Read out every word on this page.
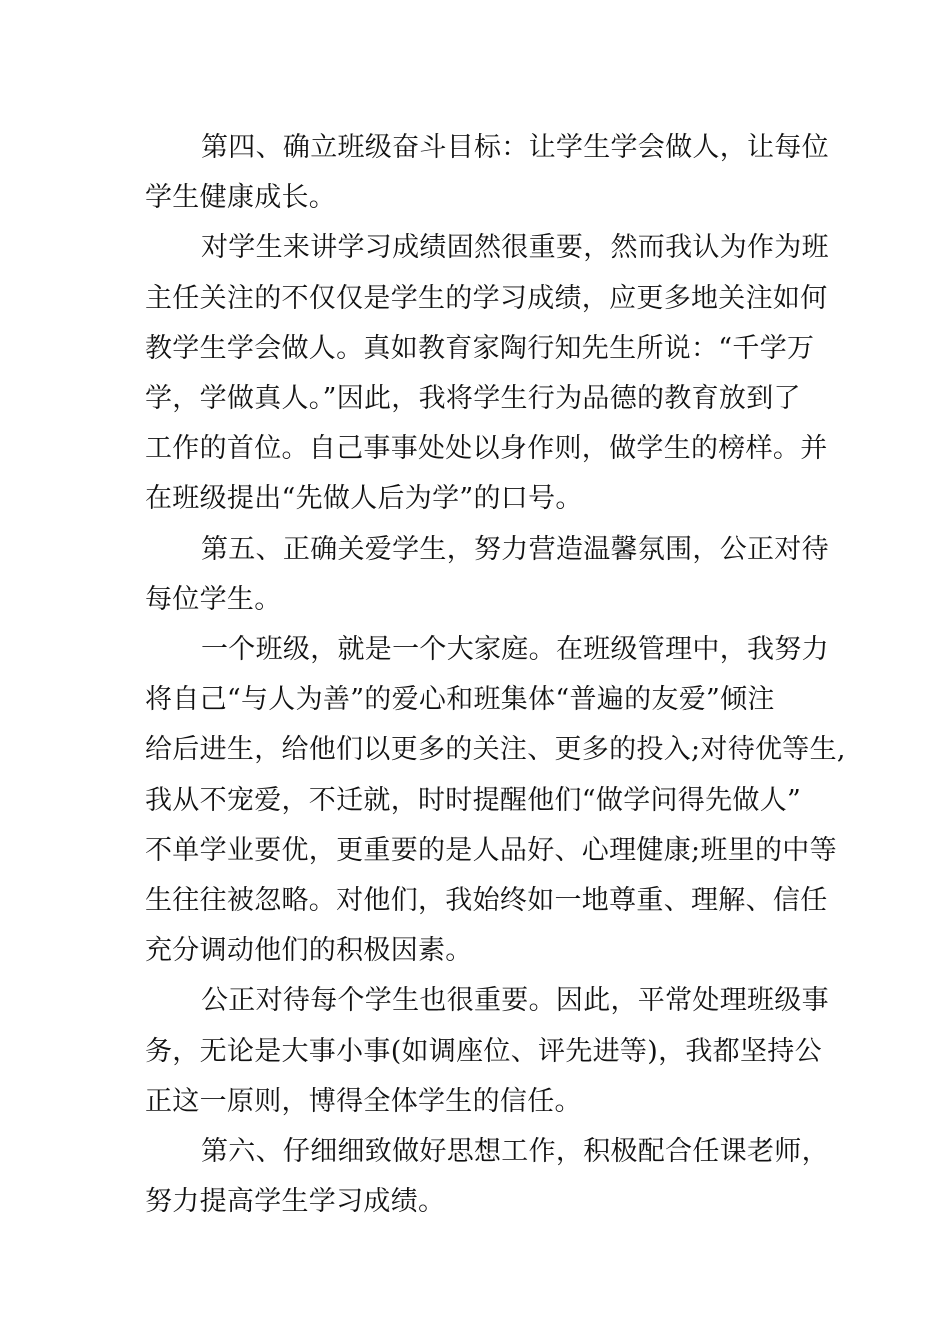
第四、确立班级奋斗目标：让学生学会做人，让每位
学生健康成长。

对学生来讲学习成绩固然很重要，然而我认为作为班
主任关注的不仅仅是学生的学习成绩，应更多地关注如何
教学生学会做人。真如教育家陶行知先生所说：“千学万
学，学做真人。”因此，我将学生行为品德的教育放到了
工作的首位。自己事事处处以身作则，做学生的榜样。并
在班级提出“先做人后为学”的口号。

第五、正确关爱学生，努力营造温馨氛围，公正对待
每位学生。

一个班级，就是一个大家庭。在班级管理中，我努力
将自己“与人为善”的爱心和班集体“普遍的友爱”倾注
给后进生，给他们以更多的关注、更多的投入;对待优等生,
我从不宠爱，不迁就，时时提醒他们“做学问得先做人”
不单学业要优，更重要的是人品好、心理健康;班里的中等
生往往被忽略。对他们，我始终如一地尊重、理解、信任
充分调动他们的积极因素。

公正对待每个学生也很重要。因此，平常处理班级事
务，无论是大事小事(如调座位、评先进等)，我都坚持公
正这一原则，博得全体学生的信任。

第六、仔细细致做好思想工作，积极配合任课老师，
努力提高学生学习成绩。
